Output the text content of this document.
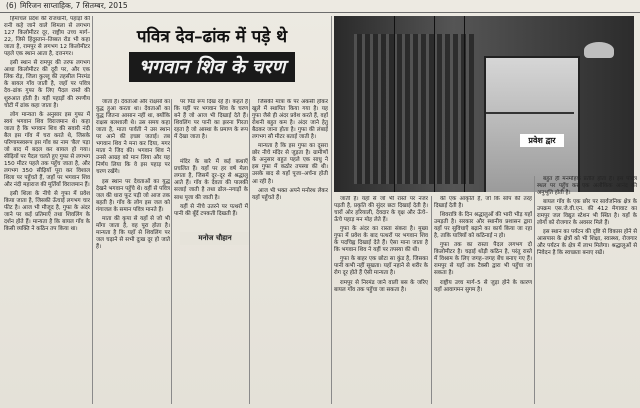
(6) मिरिजन साप्ताहिक, 7 सितम्बर, 2015

हिमाचल प्रदेश की राजधानी, पहाड़ों की रानी कहे जाने वाले शिमला से लगभग 127 किलोमीटर दूर, राष्ट्रीय उच्च मार्ग–22, जिसे हिंदुस्तान–तिब्बत रोड भी कहा जाता है, रामपुर से लगभग 12 किलोमीटर पहले एक स्थान आता है, दत्तनगर।

इसी स्थान से रामपुर की तरफ लगभग आधा किलोमीटर की दूरी पर, और एक लिंक रोड़, जिला कुल्लू की तहसील निरमंड के बायल गाँव जाती है, जहाँ पर पवित्र देव–ढांक गुफा के लिए पैदल रास्ते की शुरुआत होती है। यहीं पहाड़ों की रमणीय चोटी में ढांक कहा जाता है।

लोग मान्यता के अनुसार इस गुफा में स्वयं भगवान शिव विराजमान थे। कहा जाता है कि भगवान शिव की सवारी नंदी बैल इस गाँव में चरा करते थे, जिसके परिणामस्वरूप इस गाँव का नाम 'बैल' पड़ा जो बाद में बदल कर बायल हो गया। सीढ़ियों पर पैदल चलते हुए गुफा से लगभग 150 मीटर पहले तक पहुँच जाता है, और लगभग 350 सीढ़ियाँ पूरा कर विशाल शिला पर पहुँचते हैं, जहाँ पर भगवान शिव और नंदी महाराज की मूर्तियाँ विराजमान हैं।

इसी शिला के नीचे से गुफा में प्रवेश किया जाता है, जिसकी ऊँचाई लगभग चार फीट है। आज भी मौजूद है, गुफा के अंदर जाने पर कई प्रतिमाएँ तथा शिवलिंग के दर्शन होते हैं। मान्यता है कि बायल गाँव के किसी व्यक्ति ने कठिन तप किया था।

पवित्र देव–ढांक में पड़े थे
भगवान शिव के चरण

जाता है। देवताओं और राक्षसों का युद्ध हुआ करता था। देवताओं का युद्ध जितना आसान नहीं था, क्योंकि राक्षस बलशाली थे। उस समय कहा जाता है, माता पार्वती ने उस स्थान पर आने की इच्छा जताई। तब भगवान शिव ने मना कर दिया, मगर माता ने जिद की। भगवान शिव ने उनसे आग्रह को मान लिया और यह निर्णय लिया कि वे इस पहाड़ पर चरण रखेंगे।

इस स्थान पर देवताओं का युद्ध देखने भगवान पहुँचे थे। वहीं से पवित्र जल की धारा फूट पड़ी जो आज तक बहती है। गाँव के लोग इस जल को गंगाजल के समान पवित्र मानते हैं।

माता की कृपा से यहाँ से जो भी माँगा जाता है, वह पूरा होता है। मान्यता है कि यहाँ से शिवलिंग पर जल चढ़ाने से सभी दुःख दूर हो जाते हैं।

पर पिंड रूप दिख रहे हैं। कहते हैं कि यहीं पर भगवान शिव के चरण बने हैं जो आज भी दिखाई देते हैं। शिवलिंग पर पानी का झरना गिरता रहता है जो आस्था के प्रमाण के रूप में देखा जाता है।

मंदिर के बारे में कई कथाएँ प्रचलित हैं। यहाँ पर हर वर्ष मेला लगता है, जिसमें दूर–दूर से श्रद्धालु आते हैं। गाँव के देवता की पालकी सजाई जाती है तथा ढोल–नगाड़ों के साथ पूजा की जाती है।

यहीं से नीचे उतरने पर पत्थरों में पानी की बूँदें टपकती दिखती हैं।

मनोज चौहान

जिसकी मात्रा के पर अकसी होकर खुले में स्थापित किया गया है। यह गुफा जैसे ही अंदर प्रवेश करते हैं, वहाँ रोशनी बहुत कम है। अंदर जाने हेतु बैठकर जाना होता है। गुफा की लंबाई लगभग सौ मीटर बताई जाती है।

मान्यता है कि इस गुफा का दूसरा छोर नीचे मंदिर से जुड़ता है। ग्रामीणों के अनुसार बहुत पहले एक साधु ने इस गुफा में कठोर तपस्या की थी। उसके बाद से यहाँ पूजा–अर्चना होती आ रही है।

आज भी भक्त अपने मनोरथ लेकर यहाँ पहुँचते हैं।

प्रवेश द्वार

जाती है। यहाँ से जो भी रास्ते पर नजर पड़ती है, प्रकृति की सुंदर छटा दिखाई देती है। चारों ओर हरियाली, देवदार के वृक्ष और ऊँचे–ऊँचे पहाड़ मन मोह लेते हैं।

गुफा के अंदर का रास्ता संकरा है। मुख्य गुफा में प्रवेश के बाद पत्थरों पर भगवान शिव के पदचिह्न दिखाई देते हैं। ऐसा माना जाता है कि भगवान शिव ने यहीं पर तपस्या की थी।

गुफा के बाहर एक छोटा सा कुंड है, जिसका पानी कभी नहीं सूखता। यहाँ नहाने से शरीर के रोग दूर होते हैं ऐसी मान्यता है।

रामपुर से निरमंड जाने वाली बस के जरिए बायल गाँव तक पहुँचा जा सकता है।

की एक आकृति है, जो कि साँप की तरह दिखाई देती है।

शिवरात्रि के दिन श्रद्धालुओं की भारी भीड़ यहाँ उमड़ती है। सरकार और स्थानीय प्रशासन द्वारा यहाँ पर सुविधाएँ बढ़ाने का कार्य किया जा रहा है, ताकि यात्रियों को कठिनाई न हो।

गुफा तक का रास्ता पैदल लगभग दो किलोमीटर है। चढ़ाई थोड़ी कठिन है, परंतु रास्ते में विश्राम के लिए जगह–जगह बेंच बनाए गए हैं। रामपुर से यहाँ तक टैक्सी द्वारा भी पहुँचा जा सकता है।

राष्ट्रीय उच्च मार्ग–5 से जुड़ा होने के कारण यहाँ आवागमन सुगम है।

बहुत ही मनमोहक प्रतीत होता है। इस पवित्र स्थल पर पहुँच कर एक अलौकिक आनंद की अनुभूति होती है।

बायल गाँव के एक छोर पर सार्वजनिक क्षेत्र के उपक्रम एस.जे.वी.एन. की 412 मेगावाट का रामपुर जल विद्युत स्टेशन भी स्थित है। यहाँ के लोगों को रोजगार के अवसर मिले हैं।

इस स्थान का पर्यटन की दृष्टि से विकास होने से आसपास के क्षेत्रों को भी शिक्षा, स्वास्थ्य, रोजगार और पर्यटन के क्षेत्र में लाभ मिलेगा। श्रद्धालुओं से निवेदन है कि स्वच्छता बनाए रखें।
